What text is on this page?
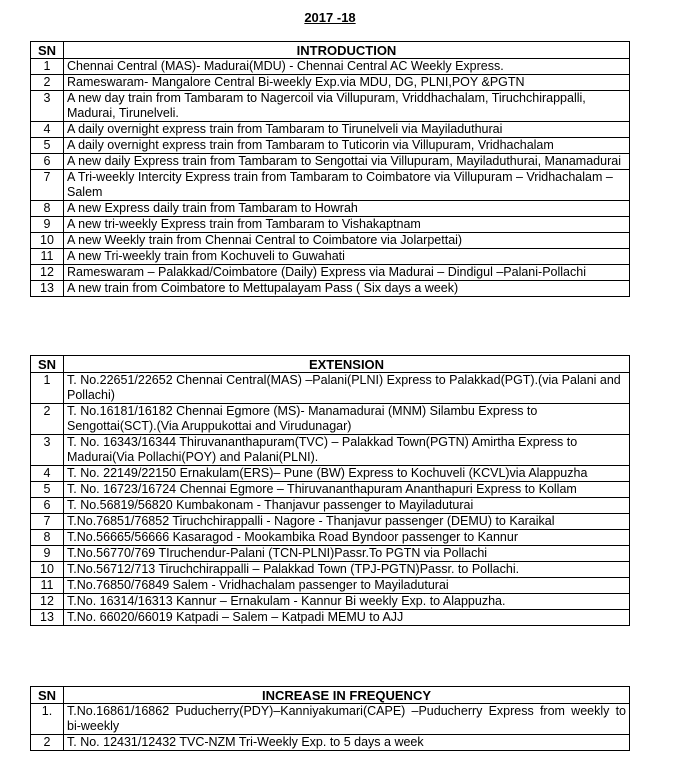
2017 -18
SN	INTRODUCTION
1	Chennai Central (MAS)- Madurai(MDU) - Chennai Central AC Weekly Express.
2	Rameswaram- Mangalore Central Bi-weekly Exp.via MDU, DG, PLNI,POY &PGTN
3	A new day train from Tambaram to Nagercoil via Villupuram, Vriddhachalam, Tiruchchirappalli, Madurai, Tirunelveli.
4	A daily overnight express train from Tambaram to Tirunelveli via Mayiladuthurai
5	A daily overnight express train from Tambaram to Tuticorin via Villupuram, Vridhachalam
6	A new daily Express train from Tambaram to Sengottai via Villupuram, Mayiladuthurai, Manamadurai
7	A Tri-weekly Intercity Express train from Tambaram to Coimbatore via Villupuram – Vridhachalam – Salem
8	A new Express daily train from Tambaram to Howrah
9	A new tri-weekly Express train from Tambaram to Vishakaptnam
10	A new Weekly train from Chennai Central to Coimbatore via Jolarpettai)
11	A new Tri-weekly train from Kochuveli to Guwahati
12	Rameswaram – Palakkad/Coimbatore (Daily) Express via Madurai – Dindigul –Palani-Pollachi
13	A new train from Coimbatore to Mettupalayam Pass ( Six days a week)
SN	EXTENSION
1	T. No.22651/22652 Chennai Central(MAS) –Palani(PLNI) Express to Palakkad(PGT).(via Palani and Pollachi)
2	T. No.16181/16182 Chennai Egmore (MS)- Manamadurai (MNM) Silambu Express to Sengottai(SCT).(Via Aruppukottai and Virudunagar)
3	T. No. 16343/16344 Thiruvananthapuram(TVC) – Palakkad Town(PGTN) Amirtha Express to Madurai(Via Pollachi(POY) and Palani(PLNI).
4	T. No. 22149/22150 Ernakulam(ERS)– Pune (BW) Express to Kochuveli (KCVL)via Alappuzha
5	T. No. 16723/16724 Chennai Egmore – Thiruvananthapuram Ananthapuri Express to Kollam
6	T. No.56819/56820 Kumbakonam - Thanjavur passenger to Mayiladuturai
7	T.No.76851/76852 Tiruchchirappalli - Nagore - Thanjavur passenger (DEMU) to Karaikal
8	T.No.56665/56666 Kasaragod - Mookambika Road Byndoor passenger to Kannur
9	T.No.56770/769 TIruchendur-Palani (TCN-PLNI)Passr.To PGTN via Pollachi
10	T.No.56712/713 Tiruchchirappalli – Palakkad Town (TPJ-PGTN)Passr. to Pollachi.
11	T.No.76850/76849 Salem - Vridhachalam passenger to Mayiladuturai
12	T.No. 16314/16313 Kannur – Ernakulam - Kannur Bi weekly Exp. to Alappuzha.
13	T.No. 66020/66019 Katpadi – Salem – Katpadi MEMU to AJJ
SN	INCREASE IN FREQUENCY
1.	T.No.16861/16862 Puducherry(PDY)–Kanniyakumari(CAPE) –Puducherry Express from weekly to bi-weekly
2	T. No. 12431/12432 TVC-NZM Tri-Weekly Exp. to 5 days a week
